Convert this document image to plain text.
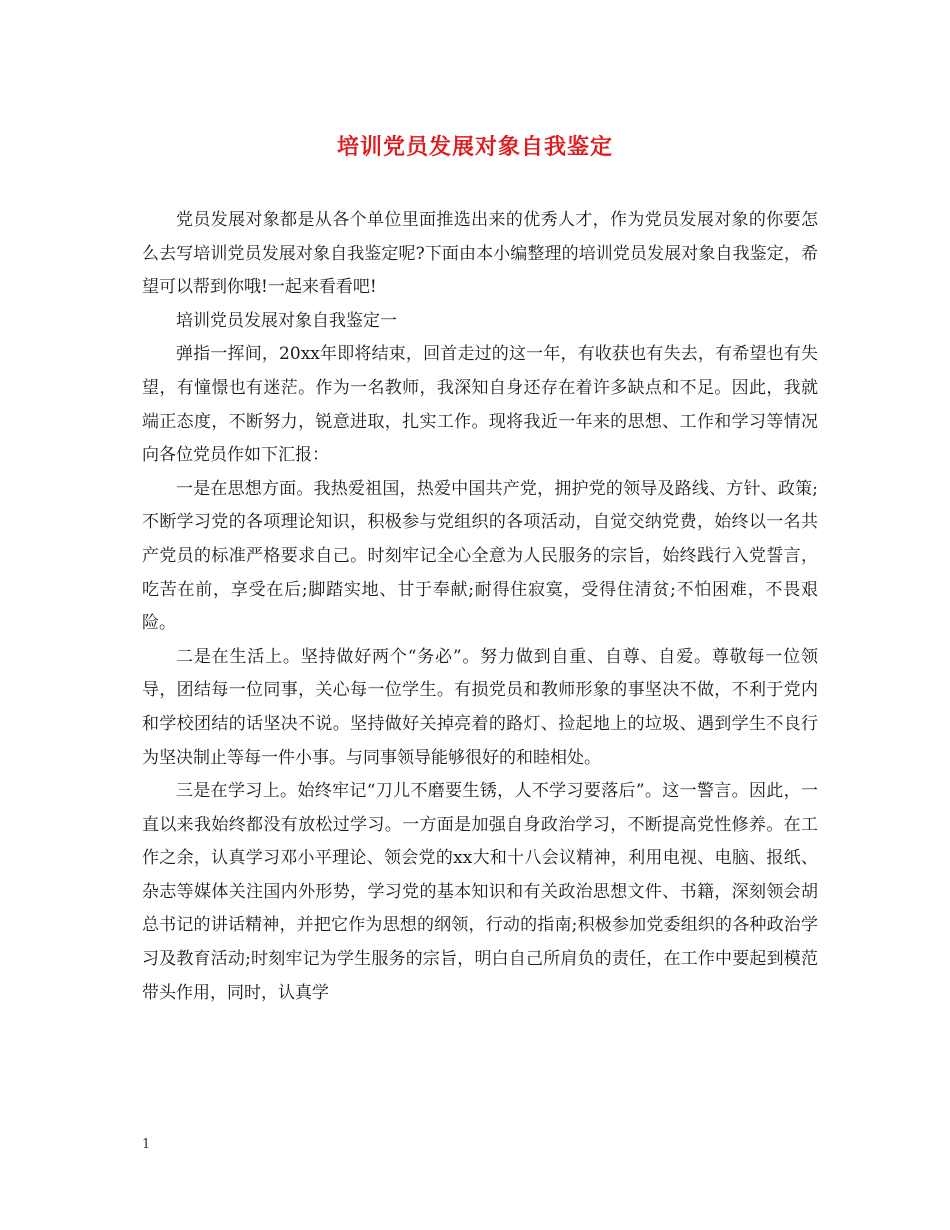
培训党员发展对象自我鉴定

党员发展对象都是从各个单位里面推选出来的优秀人才，作为党员发展对象的你要怎么去写培训党员发展对象自我鉴定呢?下面由本小编整理的培训党员发展对象自我鉴定，希望可以帮到你哦!一起来看看吧!

培训党员发展对象自我鉴定一

弹指一挥间，20xx年即将结束，回首走过的这一年，有收获也有失去，有希望也有失望，有憧憬也有迷茫。作为一名教师，我深知自身还存在着许多缺点和不足。因此，我就端正态度，不断努力，锐意进取，扎实工作。现将我近一年来的思想、工作和学习等情况向各位党员作如下汇报：

一是在思想方面。我热爱祖国，热爱中国共产党，拥护党的领导及路线、方针、政策;不断学习党的各项理论知识，积极参与党组织的各项活动，自觉交纳党费，始终以一名共产党员的标准严格要求自己。时刻牢记全心全意为人民服务的宗旨，始终践行入党誓言，吃苦在前，享受在后;脚踏实地、甘于奉献;耐得住寂寞，受得住清贫;不怕困难，不畏艰险。

二是在生活上。坚持做好两个“务必”。努力做到自重、自尊、自爱。尊敬每一位领导，团结每一位同事，关心每一位学生。有损党员和教师形象的事坚决不做，不利于党内和学校团结的话坚决不说。坚持做好关掉亮着的路灯、捡起地上的垃圾、遇到学生不良行为坚决制止等每一件小事。与同事领导能够很好的和睦相处。

三是在学习上。始终牢记“刀儿不磨要生锈，人不学习要落后”。这一警言。因此，一直以来我始终都没有放松过学习。一方面是加强自身政治学习，不断提高党性修养。在工作之余，认真学习邓小平理论、领会党的xx大和十八会议精神，利用电视、电脑、报纸、杂志等媒体关注国内外形势，学习党的基本知识和有关政治思想文件、书籍，深刻领会胡总书记的讲话精神，并把它作为思想的纲领，行动的指南;积极参加党委组织的各种政治学习及教育活动;时刻牢记为学生服务的宗旨，明白自己所肩负的责任，在工作中要起到模范带头作用，同时，认真学

1
